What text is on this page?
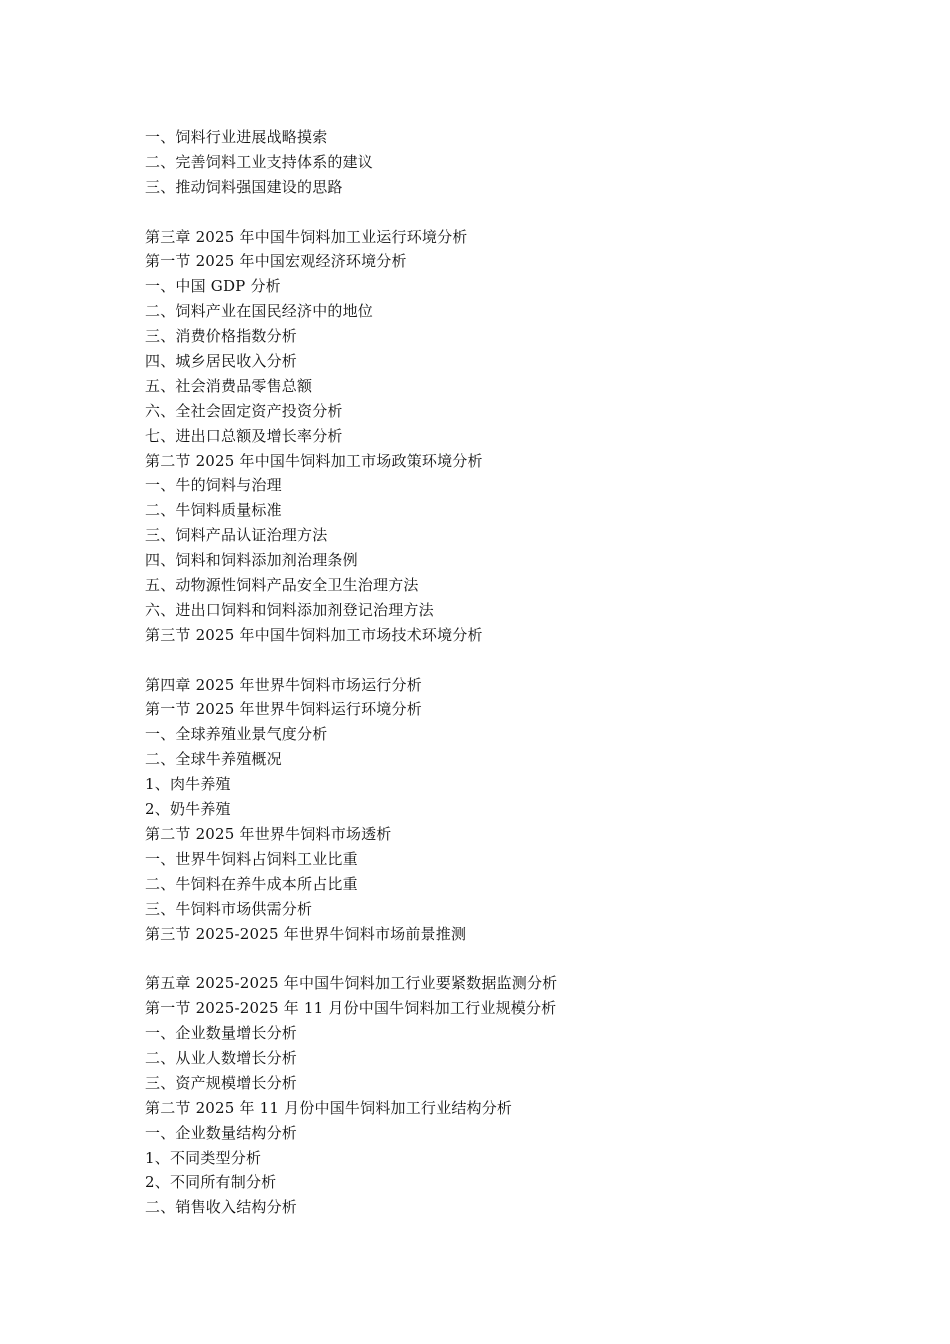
一、饲料行业进展战略摸索
二、完善饲料工业支持体系的建议
三、推动饲料强国建设的思路
第三章 2025 年中国牛饲料加工业运行环境分析
第一节 2025 年中国宏观经济环境分析
一、中国 GDP 分析
二、饲料产业在国民经济中的地位
三、消费价格指数分析
四、城乡居民收入分析
五、社会消费品零售总额
六、全社会固定资产投资分析
七、进出口总额及增长率分析
第二节 2025 年中国牛饲料加工市场政策环境分析
一、牛的饲料与治理
二、牛饲料质量标准
三、饲料产品认证治理方法
四、饲料和饲料添加剂治理条例
五、动物源性饲料产品安全卫生治理方法
六、进出口饲料和饲料添加剂登记治理方法
第三节 2025 年中国牛饲料加工市场技术环境分析
第四章 2025 年世界牛饲料市场运行分析
第一节 2025 年世界牛饲料运行环境分析
一、全球养殖业景气度分析
二、全球牛养殖概况
1、肉牛养殖
2、奶牛养殖
第二节 2025 年世界牛饲料市场透析
一、世界牛饲料占饲料工业比重
二、牛饲料在养牛成本所占比重
三、牛饲料市场供需分析
第三节 2025-2025 年世界牛饲料市场前景推测
第五章 2025-2025 年中国牛饲料加工行业要紧数据监测分析
第一节 2025-2025 年 11 月份中国牛饲料加工行业规模分析
一、企业数量增长分析
二、从业人数增长分析
三、资产规模增长分析
第二节 2025 年 11 月份中国牛饲料加工行业结构分析
一、企业数量结构分析
1、不同类型分析
2、不同所有制分析
二、销售收入结构分析
